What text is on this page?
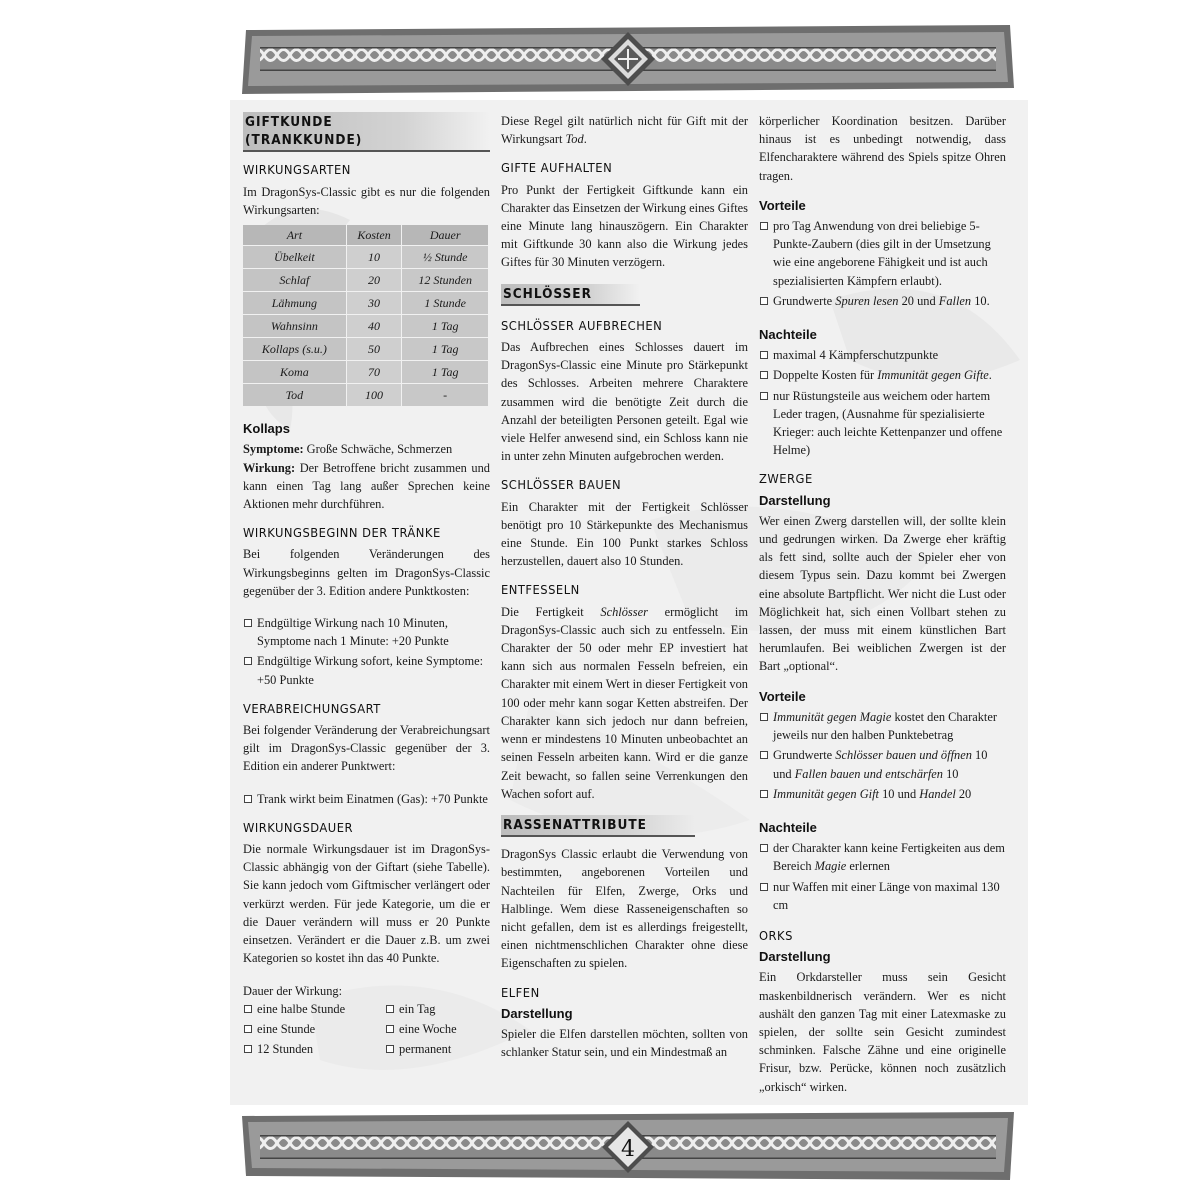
4
GIFTKUNDE (TRANKKUNDE)
WIRKUNGSARTEN

Im DragonSys-Classic gibt es nur die folgenden Wirkungsarten:

Art	Kosten	Dauer
Übelkeit	10	½ Stunde
Schlaf	20	12 Stunden
Lähmung	30	1 Stunde
Wahnsinn	40	1 Tag
Kollaps (s.u.)	50	1 Tag
Koma	70	1 Tag
Tod	100	-
Kollaps

Symptome: Große Schwäche, Schmerzen

Wirkung: Der Betroffene bricht zusammen und kann einen Tag lang außer Sprechen keine Aktionen mehr durchführen.

WIRKUNGSBEGINN DER TRÄNKE

Bei folgenden Veränderungen des Wirkungsbeginns gelten im DragonSys-Classic gegenüber der 3. Edition andere Punktkosten:

Endgültige Wirkung nach 10 Minuten, Symptome nach 1 Minute: +20 Punkte
Endgültige Wirkung sofort, keine Symptome: +50 Punkte
VERABREICHUNGSART

Bei folgender Veränderung der Verabreichungsart gilt im DragonSys-Classic gegenüber der 3. Edition ein anderer Punktwert:

Trank wirkt beim Einatmen (Gas): +70 Punkte
WIRKUNGSDAUER

Die normale Wirkungsdauer ist im DragonSys-Classic abhängig von der Giftart (siehe Tabelle). Sie kann jedoch vom Giftmischer verlängert oder verkürzt werden. Für jede Kategorie, um die er die Dauer verändern will muss er 20 Punkte einsetzen. Verändert er die Dauer z.B. um zwei Kategorien so kostet ihn das 40 Punkte.

Dauer der Wirkung:

eine halbe Stunde	ein Tag
eine Stunde	eine Woche
12 Stunden	permanent

Diese Regel gilt natürlich nicht für Gift mit der Wirkungsart Tod.

GIFTE AUFHALTEN

Pro Punkt der Fertigkeit Giftkunde kann ein Charakter das Einsetzen der Wirkung eines Giftes eine Minute lang hinauszögern. Ein Charakter mit Giftkunde 30 kann also die Wirkung jedes Giftes für 30 Minuten verzögern.

SCHLÖSSER
SCHLÖSSER AUFBRECHEN

Das Aufbrechen eines Schlosses dauert im DragonSys-Classic eine Minute pro Stärkepunkt des Schlosses. Arbeiten mehrere Charaktere zusammen wird die benötigte Zeit durch die Anzahl der beteiligten Personen geteilt. Egal wie viele Helfer anwesend sind, ein Schloss kann nie in unter zehn Minuten aufgebrochen werden.

SCHLÖSSER BAUEN

Ein Charakter mit der Fertigkeit Schlösser benötigt pro 10 Stärkepunkte des Mechanismus eine Stunde. Ein 100 Punkt starkes Schloss herzustellen, dauert also 10 Stunden.

ENTFESSELN

Die Fertigkeit Schlösser ermöglicht im DragonSys-Classic auch sich zu entfesseln. Ein Charakter der 50 oder mehr EP investiert hat kann sich aus normalen Fesseln befreien, ein Charakter mit einem Wert in dieser Fertigkeit von 100 oder mehr kann sogar Ketten abstreifen. Der Charakter kann sich jedoch nur dann befreien, wenn er mindestens 10 Minuten unbeobachtet an seinen Fesseln arbeiten kann. Wird er die ganze Zeit bewacht, so fallen seine Verrenkungen den Wachen sofort auf.

RASSENATTRIBUTE

DragonSys Classic erlaubt die Verwendung von bestimmten, angeborenen Vorteilen und Nachteilen für Elfen, Zwerge, Orks und Halblinge. Wem diese Rasseneigenschaften so nicht gefallen, dem ist es allerdings freigestellt, einen nichtmenschlichen Charakter ohne diese Eigenschaften zu spielen.

ELFEN
Darstellung

Spieler die Elfen darstellen möchten, sollten von schlanker Statur sein, und ein Mindestmaß an

körperlicher Koordination besitzen. Darüber hinaus ist es unbedingt notwendig, dass Elfencharaktere während des Spiels spitze Ohren tragen.

Vorteile
pro Tag Anwendung von drei beliebige 5-Punkte-Zaubern (dies gilt in der Umsetzung wie eine angeborene Fähigkeit und ist auch spezialisierten Kämpfern erlaubt).
Grundwerte Spuren lesen 20 und Fallen 10.
Nachteile
maximal 4 Kämpferschutzpunkte
Doppelte Kosten für Immunität gegen Gifte.
nur Rüstungsteile aus weichem oder hartem Leder tragen, (Ausnahme für spezialisierte Krieger: auch leichte Kettenpanzer und offene Helme)
ZWERGE
Darstellung

Wer einen Zwerg darstellen will, der sollte klein und gedrungen wirken. Da Zwerge eher kräftig als fett sind, sollte auch der Spieler eher von diesem Typus sein. Dazu kommt bei Zwergen eine absolute Bartpflicht. Wer nicht die Lust oder Möglichkeit hat, sich einen Vollbart stehen zu lassen, der muss mit einem künstlichen Bart herumlaufen. Bei weiblichen Zwergen ist der Bart „optional“.

Vorteile
Immunität gegen Magie kostet den Charakter jeweils nur den halben Punktebetrag
Grundwerte Schlösser bauen und öffnen 10 und Fallen bauen und entschärfen 10
Immunität gegen Gift 10 und Handel 20
Nachteile
der Charakter kann keine Fertigkeiten aus dem Bereich Magie erlernen
nur Waffen mit einer Länge von maximal 130 cm
ORKS
Darstellung

Ein Orkdarsteller muss sein Gesicht maskenbildnerisch verändern. Wer es nicht aushält den ganzen Tag mit einer Latexmaske zu spielen, der sollte sein Gesicht zumindest schminken. Falsche Zähne und eine originelle Frisur, bzw. Perücke, können noch zusätzlich „orkisch“ wirken.
